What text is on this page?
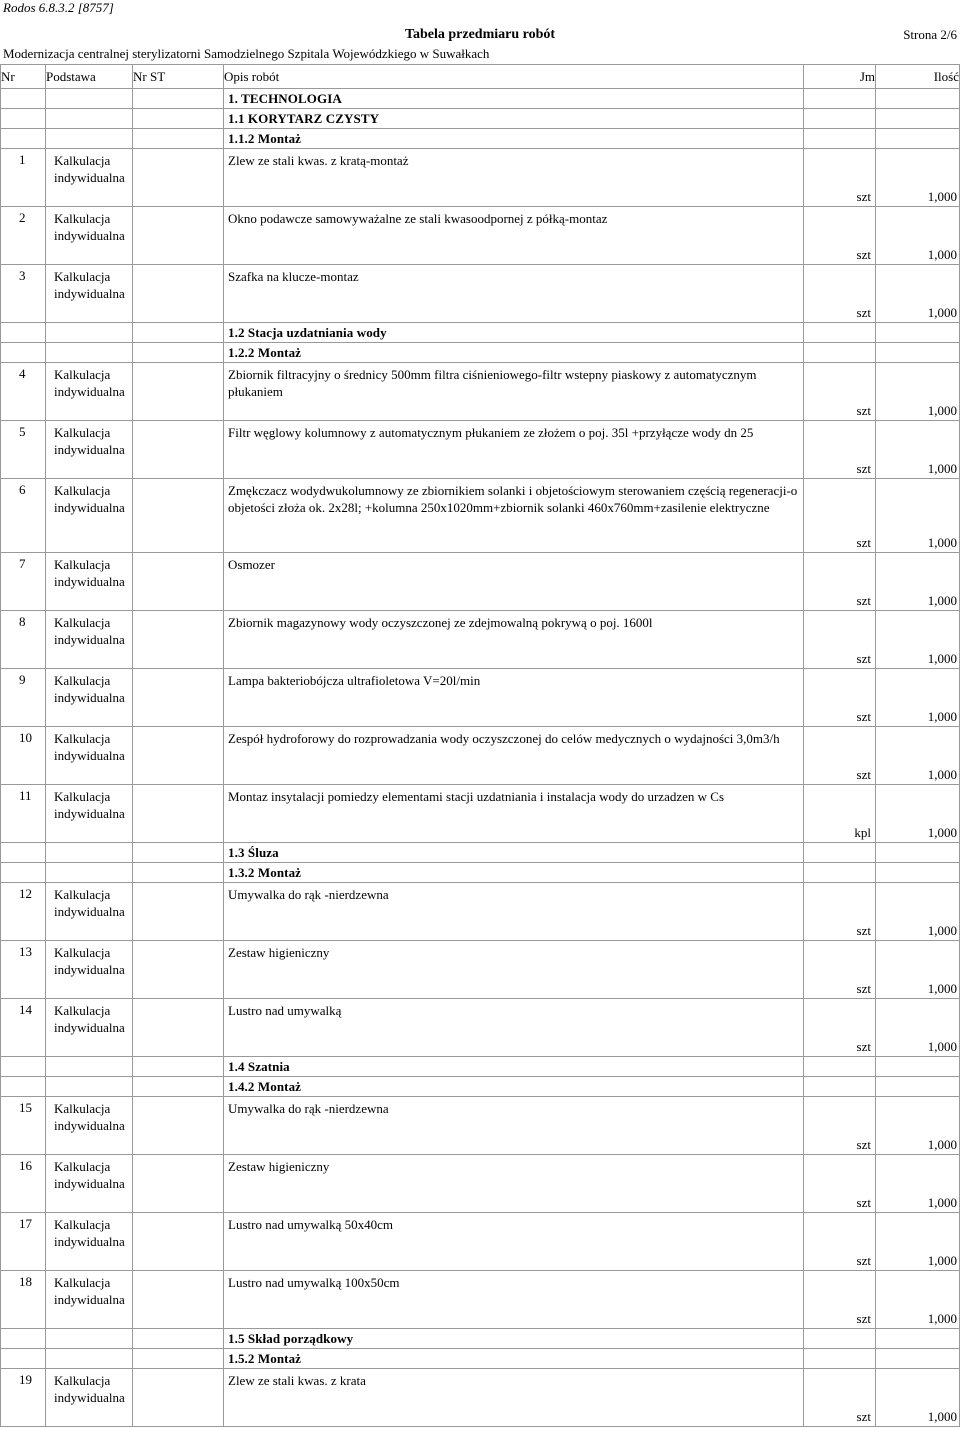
Rodos 6.8.3.2 [8757]
Tabela przedmiaru robót	Strona 2/6
Modernizacja centralnej sterylizatorni Samodzielnego Szpitala Wojewódzkiego w Suwałkach
Nr	Podstawa	Nr ST	Opis robót	Jm	Ilość
			1. TECHNOLOGIA		
			1.1 KORYTARZ CZYSTY		
			1.1.2 Montaż		
1	Kalkulacja indywidualna		Zlew ze stali kwas. z kratą-montaż	szt	1,000
2	Kalkulacja indywidualna		Okno podawcze samowyważalne ze stali kwasoodpornej z półką-montaz	szt	1,000
3	Kalkulacja indywidualna		Szafka na klucze-montaz	szt	1,000
			1.2 Stacja uzdatniania wody		
			1.2.2 Montaż		
4	Kalkulacja indywidualna		Zbiornik filtracyjny o średnicy 500mm filtra ciśnieniowego-filtr wstepny piaskowy z automatycznym płukaniem	szt	1,000
5	Kalkulacja indywidualna		Filtr węglowy kolumnowy z automatycznym płukaniem ze złożem o poj. 35l +przyłącze wody dn 25	szt	1,000
6	Kalkulacja indywidualna		Zmękczacz wodydwukolumnowy ze zbiornikiem solanki i objetościowym sterowaniem częścią regeneracji-o objetości złoża ok. 2x28l; +kolumna 250x1020mm+zbiornik solanki 460x760mm+zasilenie elektryczne	szt	1,000
7	Kalkulacja indywidualna		Osmozer	szt	1,000
8	Kalkulacja indywidualna		Zbiornik magazynowy wody oczyszczonej ze zdejmowalną pokrywą o poj. 1600l	szt	1,000
9	Kalkulacja indywidualna		Lampa bakteriobójcza ultrafioletowa V=20l/min	szt	1,000
10	Kalkulacja indywidualna		Zespół hydroforowy do rozprowadzania wody oczyszczonej do celów medycznych o wydajności 3,0m3/h	szt	1,000
11	Kalkulacja indywidualna		Montaz insytalacji pomiedzy elementami stacji uzdatniania i instalacja wody do urzadzen w Cs	kpl	1,000
			1.3 Śluza		
			1.3.2 Montaż		
12	Kalkulacja indywidualna		Umywalka do rąk -nierdzewna	szt	1,000
13	Kalkulacja indywidualna		Zestaw higieniczny	szt	1,000
14	Kalkulacja indywidualna		Lustro nad umywalką	szt	1,000
			1.4 Szatnia		
			1.4.2 Montaż		
15	Kalkulacja indywidualna		Umywalka do rąk -nierdzewna	szt	1,000
16	Kalkulacja indywidualna		Zestaw higieniczny	szt	1,000
17	Kalkulacja indywidualna		Lustro nad umywalką 50x40cm	szt	1,000
18	Kalkulacja indywidualna		Lustro nad umywalką 100x50cm	szt	1,000
			1.5 Skład porządkowy		
			1.5.2 Montaż		
19	Kalkulacja indywidualna		Zlew ze stali kwas. z krata	szt	1,000
